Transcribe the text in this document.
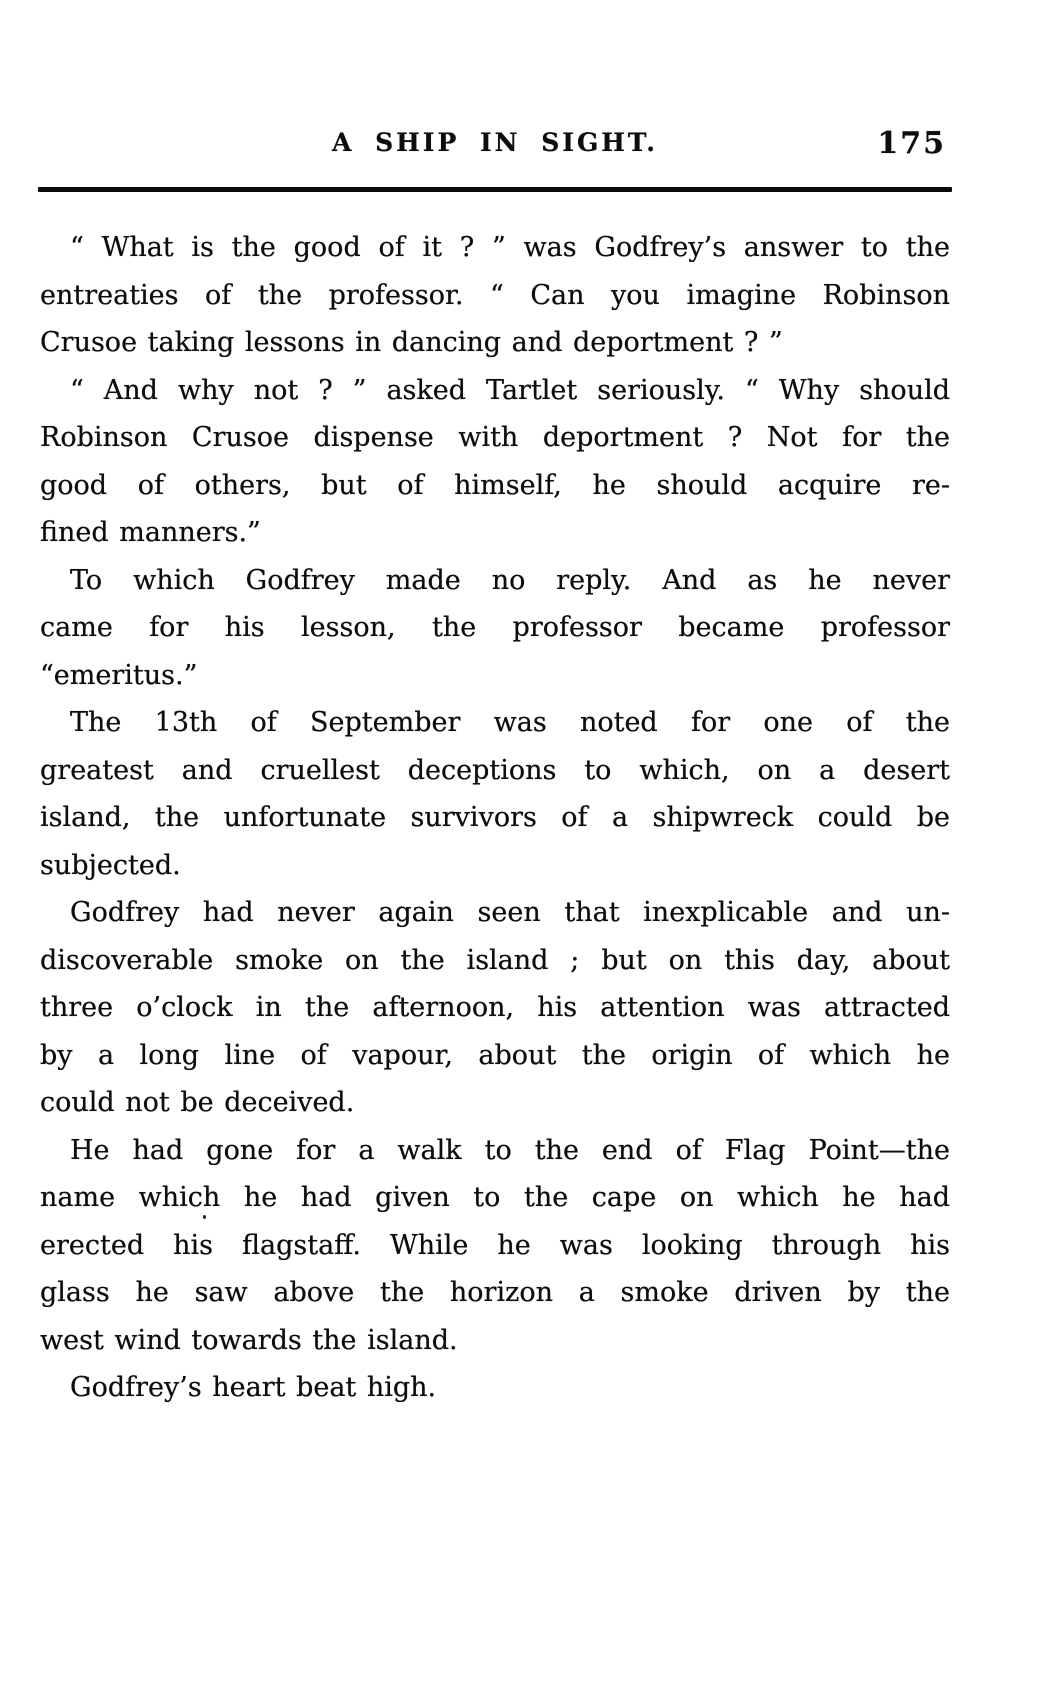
A SHIP IN SIGHT.	175
“ What is the good of it ? ” was Godfrey’s answer to the
entreaties of the professor. “ Can you imagine Robinson
Crusoe taking lessons in dancing and deportment ? ”
“ And why not ? ” asked Tartlet seriously. “ Why should
Robinson Crusoe dispense with deportment ? Not for the
good of others, but of himself, he should acquire re-
fined manners.”
To which Godfrey made no reply. And as he never
came for his lesson, the professor became professor
“emeritus.”
The 13th of September was noted for one of the
greatest and cruellest deceptions to which, on a desert
island, the unfortunate survivors of a shipwreck could be
subjected.
Godfrey had never again seen that inexplicable and un-
discoverable smoke on the island ; but on this day, about
three o’clock in the afternoon, his attention was attracted
by a long line of vapour, about the origin of which he
could not be deceived.
He had gone for a walk to the end of Flag Point—the
name which he had given to the cape on which he had
erected his flagstaff. While he was looking through his
glass he saw above the horizon a smoke driven by the
west wind towards the island.
Godfrey’s heart beat high.
